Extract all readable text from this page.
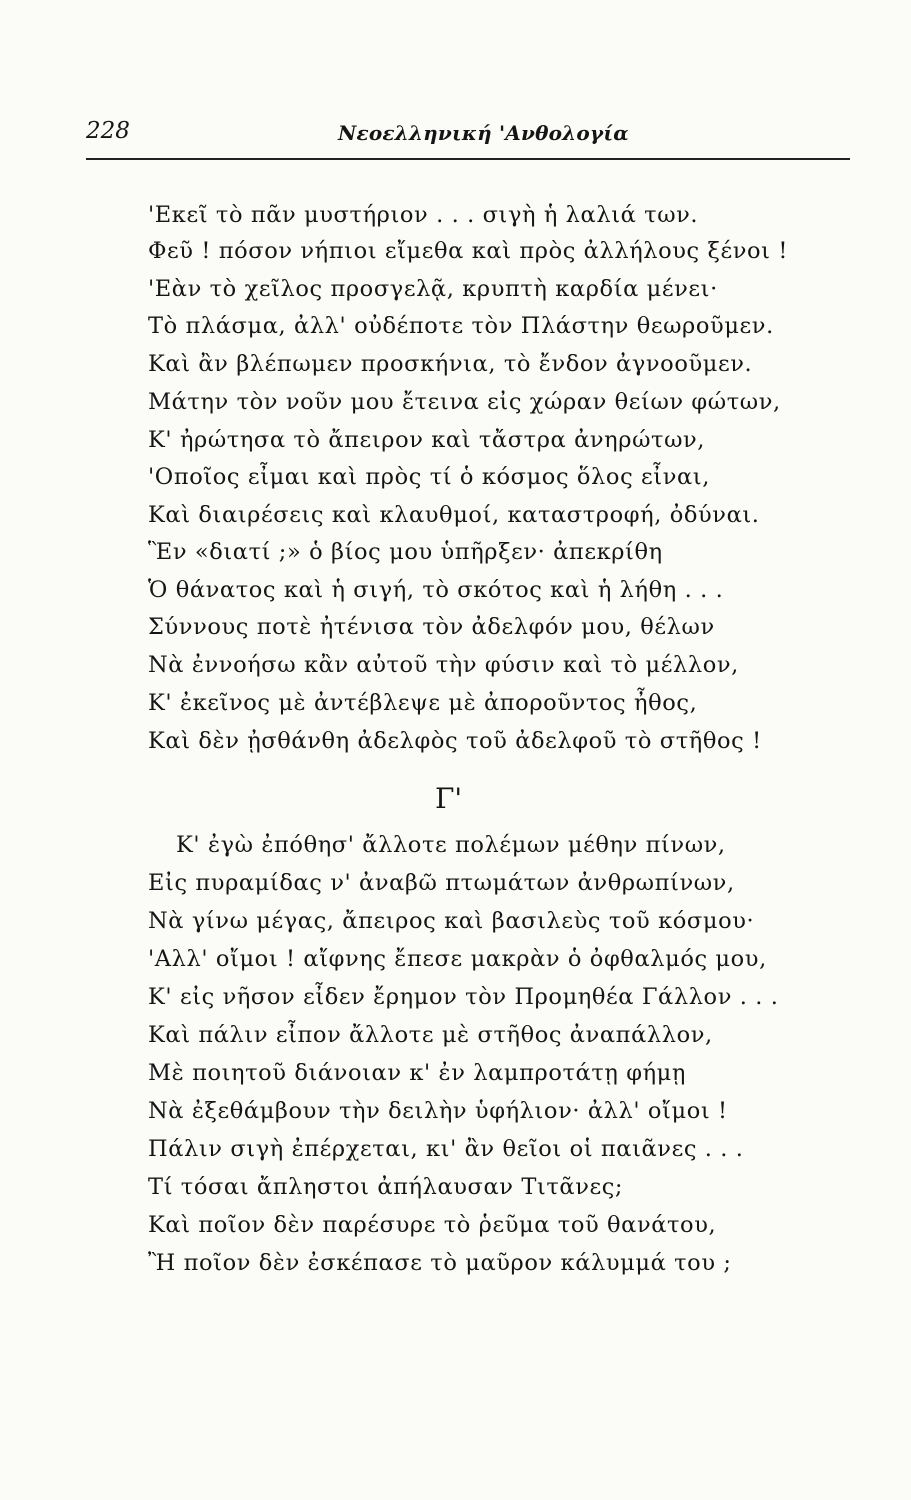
228	Νεοελληνική 'Ανθολογία
'Εκεῖ τὸ πᾶν μυστήριον . . . σιγὴ ἡ λαλιά των.
Φεῦ ! πόσον νήπιοι εἴμεθα καὶ πρὸς ἀλλήλους ξένοι !
'Εὰν τὸ χεῖλος προσγελᾷ, κρυπτὴ καρδία μένει·
Τὸ πλάσμα, ἀλλ' οὐδέποτε τὸν Πλάστην θεωροῦμεν.
Καὶ ἂν βλέπωμεν προσκήνια, τὸ ἔνδον ἀγνοοῦμεν.
Μάτην τὸν νοῦν μου ἔτεινα εἰς χώραν θείων φώτων,
Κ' ἠρώτησα τὸ ἄπειρον καὶ τἄστρα ἀνηρώτων,
'Οποῖος εἶμαι καὶ πρὸς τί ὁ κόσμος ὅλος εἶναι,
Καὶ διαιρέσεις καὶ κλαυθμοί, καταστροφή, ὀδύναι.
Ἓν «διατί ;» ὁ βίος μου ὑπῆρξεν· ἀπεκρίθη
Ὁ θάνατος καὶ ἡ σιγή, τὸ σκότος καὶ ἡ λήθη . . .
Σύννους ποτὲ ἠτένισα τὸν ἀδελφόν μου, θέλων
Νὰ ἐννοήσω κἂν αὐτοῦ τὴν φύσιν καὶ τὸ μέλλον,
Κ' ἐκεῖνος μὲ ἀντέβλεψε μὲ ἀποροῦντος ἦθος,
Καὶ δὲν ᾐσθάνθη ἀδελφὸς τοῦ ἀδελφοῦ τὸ στῆθος !
Γ'
Κ' ἐγὼ ἐπόθησ' ἄλλοτε πολέμων μέθην πίνων,
Εἰς πυραμίδας ν' ἀναβῶ πτωμάτων ἀνθρωπίνων,
Νὰ γίνω μέγας, ἄπειρος καὶ βασιλεὺς τοῦ κόσμου·
'Αλλ' οἴμοι ! αἴφνης ἔπεσε μακρὰν ὁ ὀφθαλμός μου,
Κ' εἰς νῆσον εἶδεν ἔρημον τὸν Προμηθέα Γάλλον . . .
Καὶ πάλιν εἶπον ἄλλοτε μὲ στῆθος ἀναπάλλον,
Μὲ ποιητοῦ διάνοιαν κ' ἐν λαμπροτάτῃ φήμῃ
Νὰ ἐξεθάμβουν τὴν δειλὴν ὑφήλιον· ἀλλ' οἴμοι !
Πάλιν σιγὴ ἐπέρχεται, κι' ἂν θεῖοι οἱ παιᾶνες . . .
Τί τόσαι ἄπληστοι ἀπήλαυσαν Τιτᾶνες;
Καὶ ποῖον δὲν παρέσυρε τὸ ῥεῦμα τοῦ θανάτου,
Ἢ ποῖον δὲν ἐσκέπασε τὸ μαῦρον κάλυμμά του ;
